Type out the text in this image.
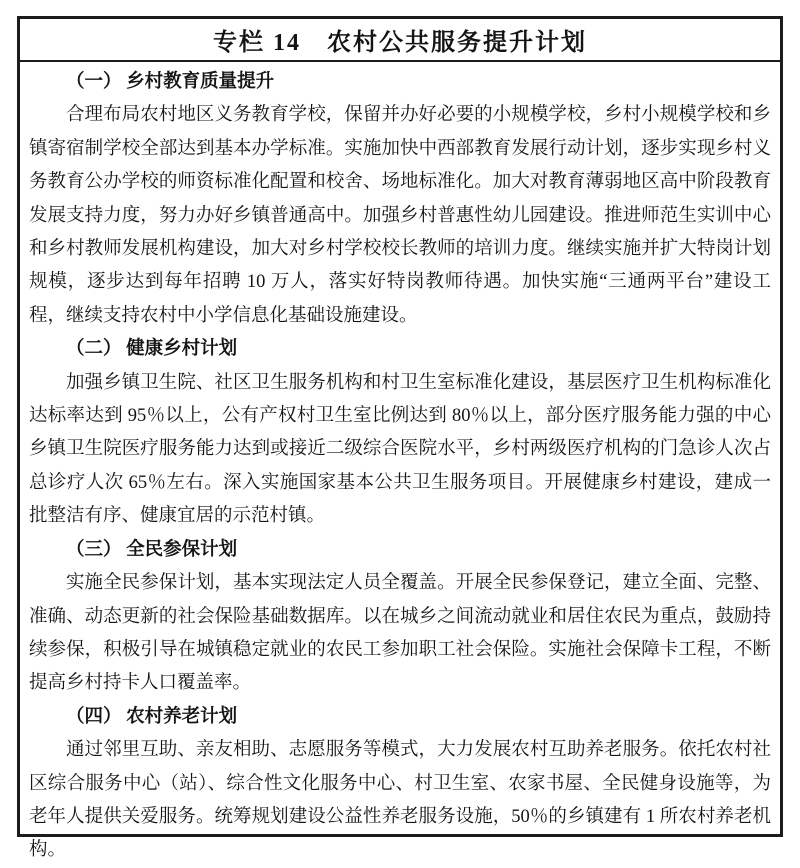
专栏 14　农村公共服务提升计划
（一） 乡村教育质量提升

合理布局农村地区义务教育学校，保留并办好必要的小规模学校，乡村小规模学校和乡镇寄宿制学校全部达到基本办学标准。实施加快中西部教育发展行动计划，逐步实现乡村义务教育公办学校的师资标准化配置和校舍、场地标准化。加大对教育薄弱地区高中阶段教育发展支持力度，努力办好乡镇普通高中。加强乡村普惠性幼儿园建设。推进师范生实训中心和乡村教师发展机构建设，加大对乡村学校校长教师的培训力度。继续实施并扩大特岗计划规模，逐步达到每年招聘 10 万人，落实好特岗教师待遇。加快实施“三通两平台”建设工程，继续支持农村中小学信息化基础设施建设。

（二） 健康乡村计划

加强乡镇卫生院、社区卫生服务机构和村卫生室标准化建设，基层医疗卫生机构标准化达标率达到 95％以上，公有产权村卫生室比例达到 80％以上，部分医疗服务能力强的中心乡镇卫生院医疗服务能力达到或接近二级综合医院水平，乡村两级医疗机构的门急诊人次占总诊疗人次 65％左右。深入实施国家基本公共卫生服务项目。开展健康乡村建设，建成一批整洁有序、健康宜居的示范村镇。

（三） 全民参保计划

实施全民参保计划，基本实现法定人员全覆盖。开展全民参保登记，建立全面、完整、准确、动态更新的社会保险基础数据库。以在城乡之间流动就业和居住农民为重点，鼓励持续参保，积极引导在城镇稳定就业的农民工参加职工社会保险。实施社会保障卡工程，不断提高乡村持卡人口覆盖率。

（四） 农村养老计划

通过邻里互助、亲友相助、志愿服务等模式，大力发展农村互助养老服务。依托农村社区综合服务中心（站）、综合性文化服务中心、村卫生室、农家书屋、全民健身设施等，为老年人提供关爱服务。统筹规划建设公益性养老服务设施，50％的乡镇建有 1 所农村养老机构。
